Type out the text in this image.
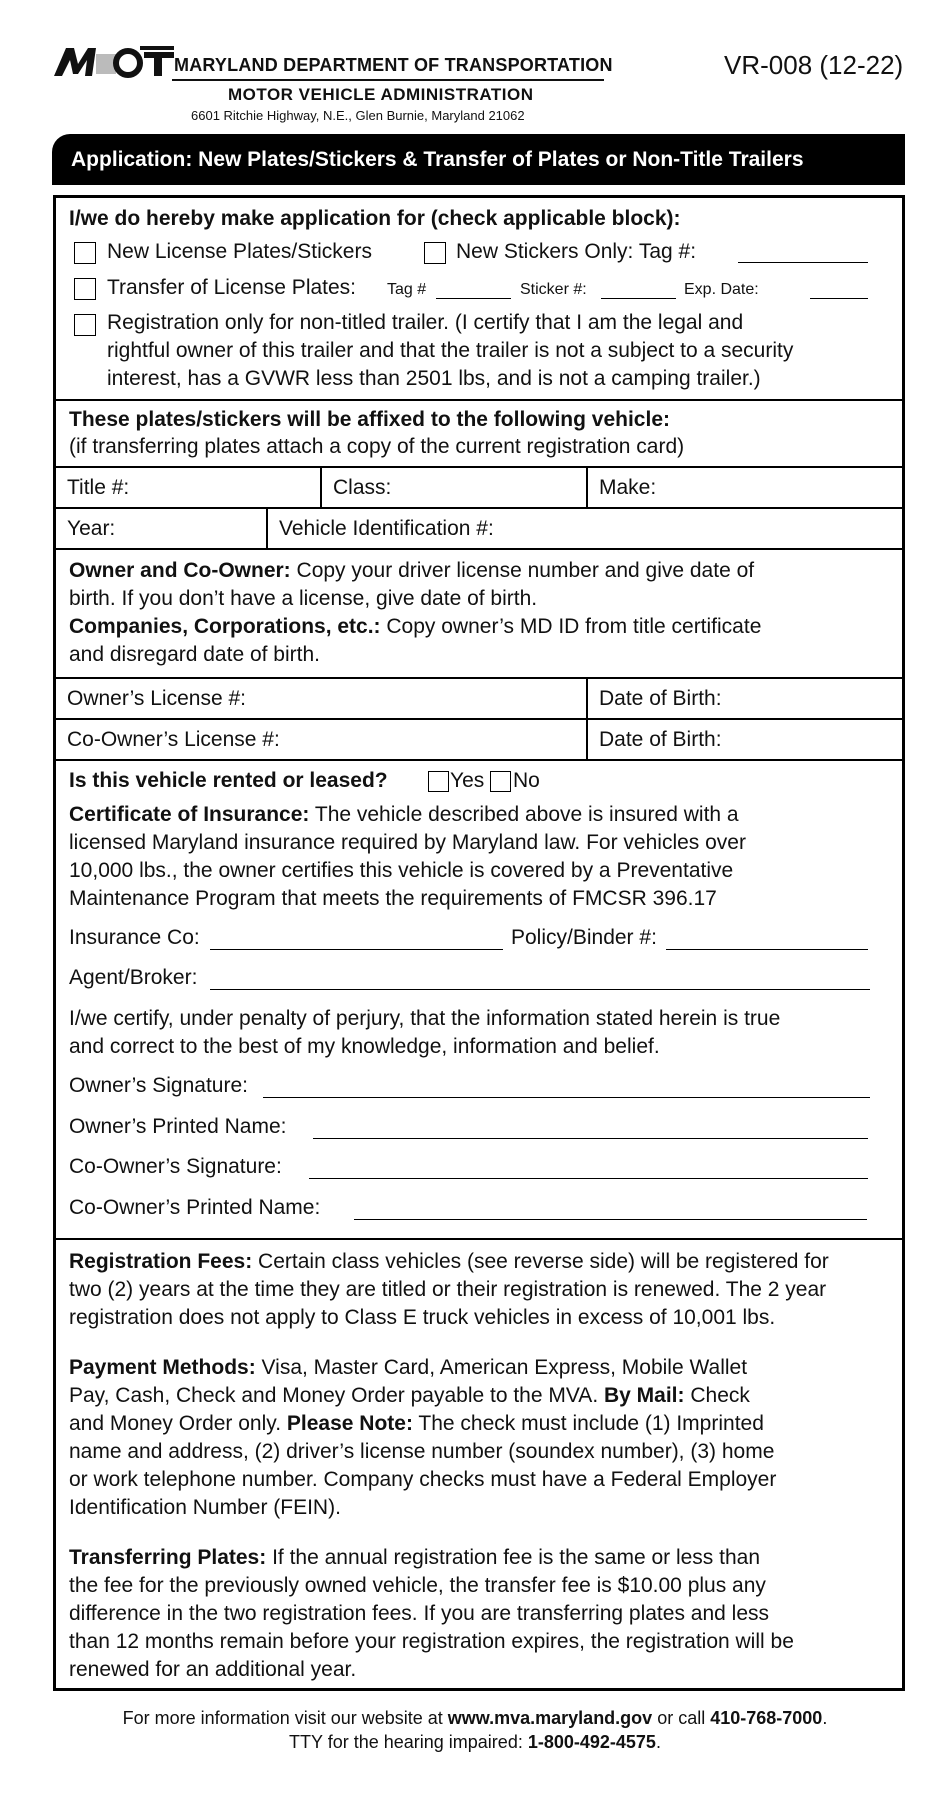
MARYLAND DEPARTMENT OF TRANSPORTATION
MOTOR VEHICLE ADMINISTRATION
6601 Ritchie Highway, N.E., Glen Burnie, Maryland 21062
VR-008 (12-22)
Application: New Plates/Stickers & Transfer of Plates or Non-Title Trailers
I/we do hereby make application for (check applicable block):
New License Plates/Stickers	New Stickers Only: Tag #:
Transfer of License Plates: Tag #	Sticker #:	Exp. Date:
Registration only for non-titled trailer. (I certify that I am the legal and
rightful owner of this trailer and that the trailer is not a subject to a security
interest, has a GVWR less than 2501 lbs, and is not a camping trailer.)
These plates/stickers will be affixed to the following vehicle:
(if transferring plates attach a copy of the current registration card)
Title #:	Class:	Make:
Year:	Vehicle Identification #:
Owner and Co-Owner: Copy your driver license number and give date of
birth. If you don’t have a license, give date of birth.
Companies, Corporations, etc.: Copy owner’s MD ID from title certificate
and disregard date of birth.
Owner’s License #:	Date of Birth:
Co-Owner’s License #:	Date of Birth:
Is this vehicle rented or leased?	Yes No
Certificate of Insurance: The vehicle described above is insured with a
licensed Maryland insurance required by Maryland law. For vehicles over
10,000 lbs., the owner certifies this vehicle is covered by a Preventative
Maintenance Program that meets the requirements of FMCSR 396.17
Insurance Co:	Policy/Binder #:
Agent/Broker:
I/we certify, under penalty of perjury, that the information stated herein is true
and correct to the best of my knowledge, information and belief.
Owner’s Signature:
Owner’s Printed Name:
Co-Owner’s Signature:
Co-Owner’s Printed Name:
Registration Fees: Certain class vehicles (see reverse side) will be registered for
two (2) years at the time they are titled or their registration is renewed. The 2 year
registration does not apply to Class E truck vehicles in excess of 10,001 lbs.
Payment Methods: Visa, Master Card, American Express, Mobile Wallet
Pay, Cash, Check and Money Order payable to the MVA. By Mail: Check
and Money Order only. Please Note: The check must include (1) Imprinted
name and address, (2) driver’s license number (soundex number), (3) home
or work telephone number. Company checks must have a Federal Employer
Identification Number (FEIN).
Transferring Plates: If the annual registration fee is the same or less than
the fee for the previously owned vehicle, the transfer fee is $10.00 plus any
difference in the two registration fees. If you are transferring plates and less
than 12 months remain before your registration expires, the registration will be
renewed for an additional year.
For more information visit our website at www.mva.maryland.gov or call 410-768-7000.
TTY for the hearing impaired: 1-800-492-4575.
